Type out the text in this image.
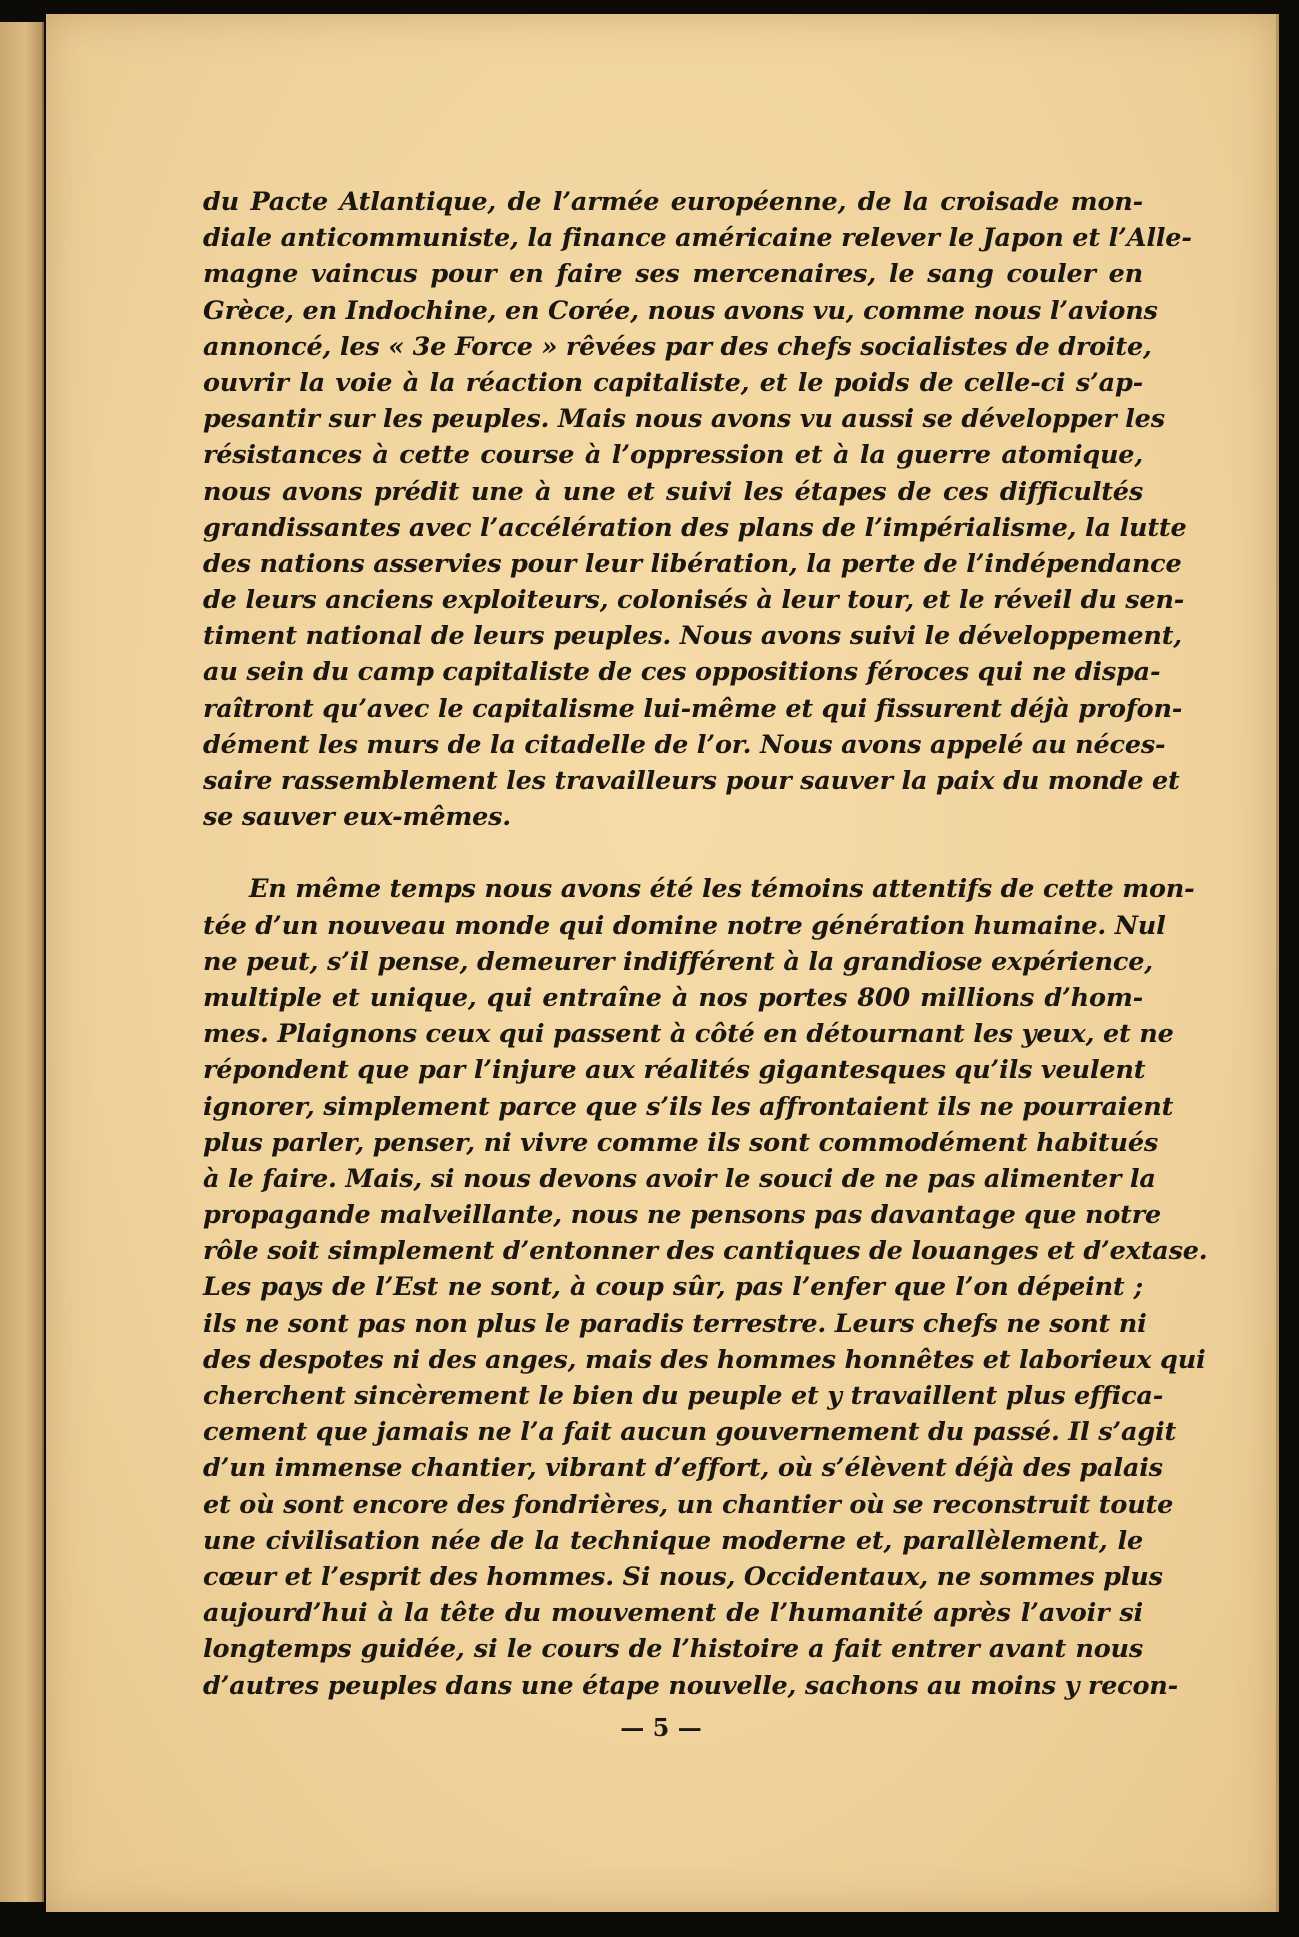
du Pacte Atlantique, de l’armée européenne, de la croisade mon-
diale anticommuniste, la finance américaine relever le Japon et l’Alle-
magne vaincus pour en faire ses mercenaires, le sang couler en
Grèce, en Indochine, en Corée, nous avons vu, comme nous l’avions
annoncé, les « 3e Force » rêvées par des chefs socialistes de droite,
ouvrir la voie à la réaction capitaliste, et le poids de celle-ci s’ap-
pesantir sur les peuples. Mais nous avons vu aussi se développer les
résistances à cette course à l’oppression et à la guerre atomique,
nous avons prédit une à une et suivi les étapes de ces difficultés
grandissantes avec l’accélération des plans de l’impérialisme, la lutte
des nations asservies pour leur libération, la perte de l’indépendance
de leurs anciens exploiteurs, colonisés à leur tour, et le réveil du sen-
timent national de leurs peuples. Nous avons suivi le développement,
au sein du camp capitaliste de ces oppositions féroces qui ne dispa-
raîtront qu’avec le capitalisme lui-même et qui fissurent déjà profon-
dément les murs de la citadelle de l’or. Nous avons appelé au néces-
saire rassemblement les travailleurs pour sauver la paix du monde et
se sauver eux-mêmes.
En même temps nous avons été les témoins attentifs de cette mon-
tée d’un nouveau monde qui domine notre génération humaine. Nul
ne peut, s’il pense, demeurer indifférent à la grandiose expérience,
multiple et unique, qui entraîne à nos portes 800 millions d’hom-
mes. Plaignons ceux qui passent à côté en détournant les yeux, et ne
répondent que par l’injure aux réalités gigantesques qu’ils veulent
ignorer, simplement parce que s’ils les affrontaient ils ne pourraient
plus parler, penser, ni vivre comme ils sont commodément habitués
à le faire. Mais, si nous devons avoir le souci de ne pas alimenter la
propagande malveillante, nous ne pensons pas davantage que notre
rôle soit simplement d’entonner des cantiques de louanges et d’extase.
Les pays de l’Est ne sont, à coup sûr, pas l’enfer que l’on dépeint ;
ils ne sont pas non plus le paradis terrestre. Leurs chefs ne sont ni
des despotes ni des anges, mais des hommes honnêtes et laborieux qui
cherchent sincèrement le bien du peuple et y travaillent plus effica-
cement que jamais ne l’a fait aucun gouvernement du passé. Il s’agit
d’un immense chantier, vibrant d’effort, où s’élèvent déjà des palais
et où sont encore des fondrières, un chantier où se reconstruit toute
une civilisation née de la technique moderne et, parallèlement, le
cœur et l’esprit des hommes. Si nous, Occidentaux, ne sommes plus
aujourd’hui à la tête du mouvement de l’humanité après l’avoir si
longtemps guidée, si le cours de l’histoire a fait entrer avant nous
d’autres peuples dans une étape nouvelle, sachons au moins y recon-
— 5 —
